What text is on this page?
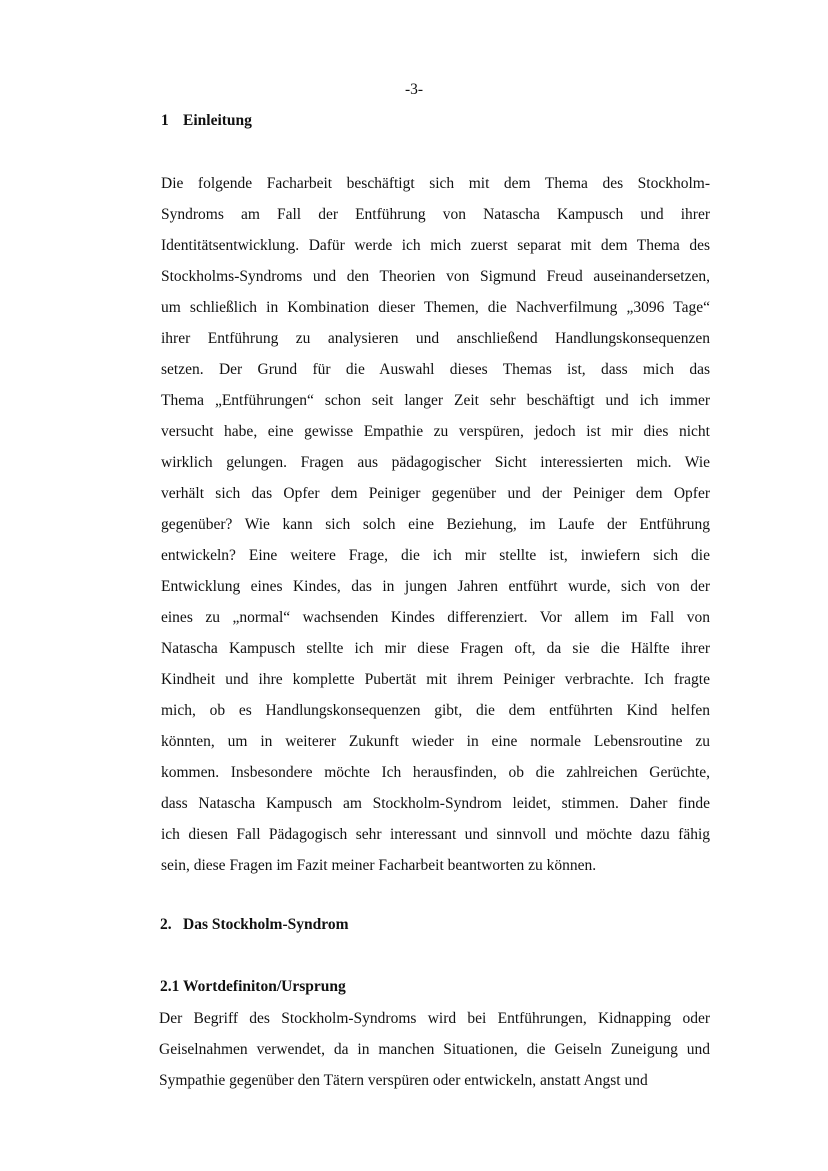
-3-
1 Einleitung
Die folgende Facharbeit beschäftigt sich mit dem Thema des Stockholm-
Syndroms am Fall der Entführung von Natascha Kampusch und ihrer
Identitätsentwicklung. Dafür werde ich mich zuerst separat mit dem Thema des
Stockholms-Syndroms und den Theorien von Sigmund Freud auseinandersetzen,
um schließlich in Kombination dieser Themen, die Nachverfilmung „3096 Tage“
ihrer Entführung zu analysieren und anschließend Handlungskonsequenzen
setzen. Der Grund für die Auswahl dieses Themas ist, dass mich das
Thema „Entführungen“ schon seit langer Zeit sehr beschäftigt und ich immer
versucht habe, eine gewisse Empathie zu verspüren, jedoch ist mir dies nicht
wirklich gelungen. Fragen aus pädagogischer Sicht interessierten mich. Wie
verhält sich das Opfer dem Peiniger gegenüber und der Peiniger dem Opfer
gegenüber? Wie kann sich solch eine Beziehung, im Laufe der Entführung
entwickeln? Eine weitere Frage, die ich mir stellte ist, inwiefern sich die
Entwicklung eines Kindes, das in jungen Jahren entführt wurde, sich von der
eines zu „normal“ wachsenden Kindes differenziert. Vor allem im Fall von
Natascha Kampusch stellte ich mir diese Fragen oft, da sie die Hälfte ihrer
Kindheit und ihre komplette Pubertät mit ihrem Peiniger verbrachte. Ich fragte
mich, ob es Handlungskonsequenzen gibt, die dem entführten Kind helfen
könnten, um in weiterer Zukunft wieder in eine normale Lebensroutine zu
kommen. Insbesondere möchte Ich herausfinden, ob die zahlreichen Gerüchte,
dass Natascha Kampusch am Stockholm-Syndrom leidet, stimmen. Daher finde
ich diesen Fall Pädagogisch sehr interessant und sinnvoll und möchte dazu fähig
sein, diese Fragen im Fazit meiner Facharbeit beantworten zu können.
2. Das Stockholm-Syndrom
2.1 Wortdefiniton/Ursprung
Der Begriff des Stockholm-Syndroms wird bei Entführungen, Kidnapping oder
Geiselnahmen verwendet, da in manchen Situationen, die Geiseln Zuneigung und
Sympathie gegenüber den Tätern verspüren oder entwickeln, anstatt Angst und
